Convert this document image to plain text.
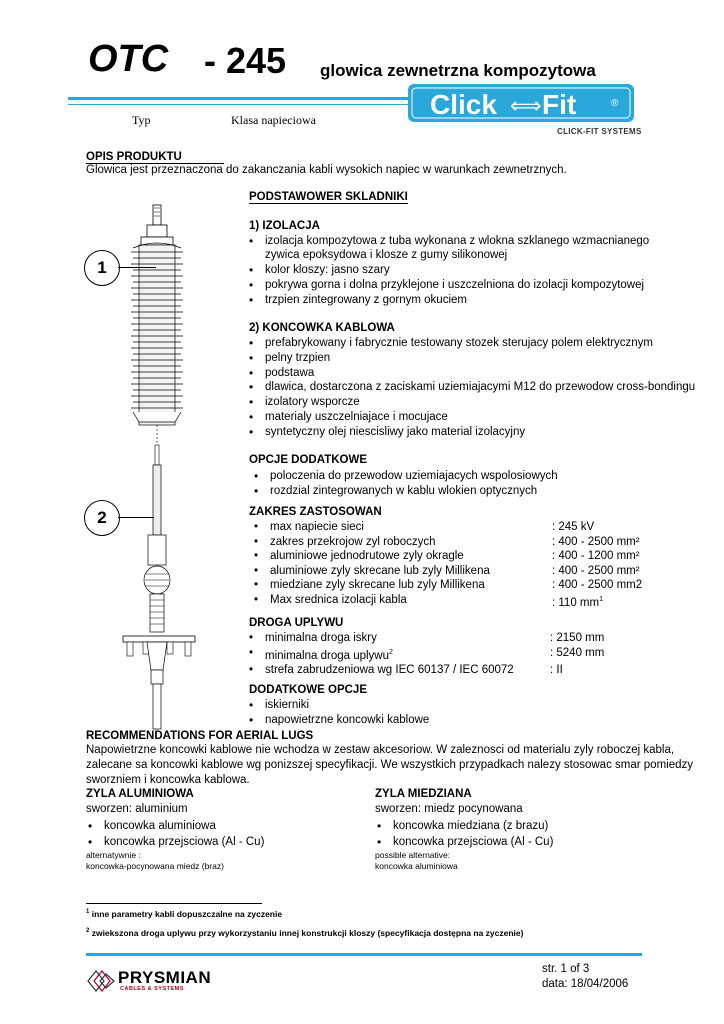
OTC - 245 glowica zewnetrzna kompozytowa
Typ	Klasa napieciowa	Click ⟺ Fit	®
CLICK-FIT SYSTEMS
OPIS PRODUKTU
Glowica jest przeznaczona do zakanczania kabli wysokich napiec w warunkach zewnetrznych.
1
2
PODSTAWOWER SKLADNIKI
1) IZOLACJA
• izolacja kompozytowa z tuba wykonana z wlokna szklanego wzmacnianego
zywica epoksydowa i klosze z gumy silikonowej
• kolor kloszy: jasno szary
• pokrywa gorna i dolna przyklejone i uszczelniona do izolacji kompozytowej
• trzpien zintegrowany z gornym okuciem
2) KONCOWKA KABLOWA
• prefabrykowany i fabrycznie testowany stozek sterujacy polem elektrycznym
• pelny trzpien
• podstawa
• dlawica, dostarczona z zaciskami uziemiajacymi M12 do przewodow cross-bondingu
• izolatory wsporcze
• materialy uszczelniajace i mocujace
• syntetyczny olej niescisliwy jako material izolacyjny
OPCJE DODATKOWE
• poloczenia do przewodow uziemiajacych wspolosiowych
• rozdzial zintegrowanych w kablu wlokien optycznych
ZAKRES ZASTOSOWAN
• max napiecie sieci	: 245 kV
• zakres przekrojow zyl roboczych	: 400 - 2500 mm²
• aluminiowe jednodrutowe zyly okragle	: 400 - 1200 mm²
• aluminiowe zyly skrecane lub zyly Millikena	: 400 - 2500 mm²
• miedziane zyly skrecane lub zyly Millikena	: 400 - 2500 mm2
• Max srednica izolacji kabla	: 110 $mm^1$
DROGA UPLYWU
• minimalna droga iskry	: 2150 mm
• minimalna droga uplywu$^2$	: 5240 mm
• strefa zabrudzeniowa wg IEC 60137 / IEC 60072	: II
DODATKOWE OPCJE
• iskierniki
• napowietrzne koncowki kablowe
RECOMMENDATIONS FOR AERIAL LUGS
Napowietrzne koncowki kablowe nie wchodza w zestaw akcesoriow. W zaleznosci od materialu zyly roboczej kabla, zalecane sa koncowki kablowe wg ponizszej specyfikacji. We wszystkich przypadkach nalezy stosowac smar pomiedzy sworzniem i koncowka kablowa.
ZYLA ALUMINIOWA
sworzen: aluminium
• koncowka aluminiowa
• koncowka przejsciowa (Al - Cu)
alternatywnie :
koncowka-pocynowana miedz (braz)
ZYLA MIEDZIANA
sworzen: miedz pocynowana
• koncowka miedziana (z brazu)
• koncowka przejsciowa (Al - Cu)
possible alternative:
koncowka aluminiowa
$^1$ inne parametry kabli dopuszczalne na zyczenie
$^2$ zwiekszona droga uplywu przy wykorzystaniu innej konstrukcji kloszy (specyfikacja dostępna na zyczenie)
PRYSMIAN
CABLES & SYSTEMS
str. 1 of 3
data: 18/04/2006
